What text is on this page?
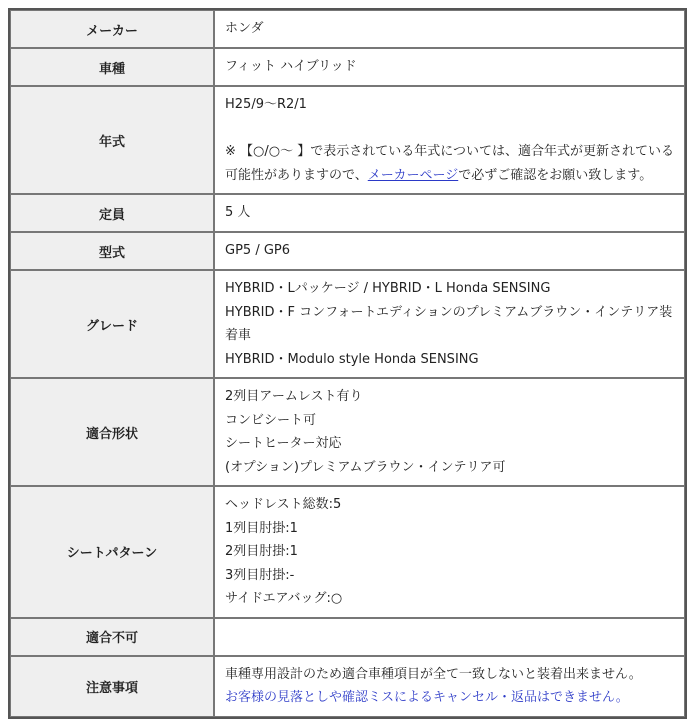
メーカー	ホンダ
車種	フィット ハイブリッド
年式	H25/9～R2/1
※ 【○/○～ 】で表示されている年式については、適合年式が更新されている可能性がありますので、メーカーページで必ずご確認をお願い致します。
定員	5 人
型式	GP5 / GP6
グレード	HYBRID・Lパッケージ / HYBRID・L Honda SENSING
HYBRID・F コンフォートエディションのプレミアムブラウン・インテリア装着車
HYBRID・Modulo style Honda SENSING

適合形状	2列目アームレスト有り
コンビシート可
シートヒーター対応
(オプション)プレミアムブラウン・インテリア可

シートパターン	ヘッドレスト総数:5
1列目肘掛:1
2列目肘掛:1
3列目肘掛:-
サイドエアバッグ:○

適合不可	
注意事項	車種専用設計のため適合車種項目が全て一致しないと装着出来ません。
お客様の見落としや確認ミスによるキャンセル・返品はできません。
